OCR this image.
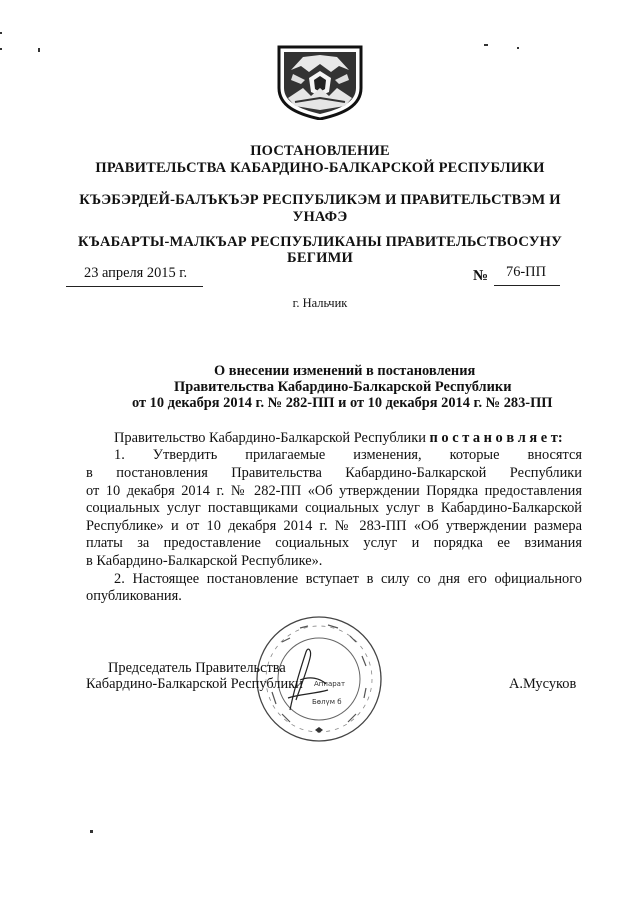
ПОСТАНОВЛЕНИЕ
ПРАВИТЕЛЬСТВА КАБАРДИНО-БАЛКАРСКОЙ РЕСПУБЛИКИ
КЪЭБЭРДЕЙ-БАЛЪКЪЭР РЕСПУБЛИКЭМ И ПРАВИТЕЛЬСТВЭМ И
УНАФЭ
КЪАБАРТЫ-МАЛКЪАР РЕСПУБЛИКАНЫ ПРАВИТЕЛЬСТВОСУНУ
БЕГИМИ
23 апреля 2015 г.	№ 76-ПП
г. Нальчик
О внесении изменений в постановления
Правительства Кабардино-Балкарской Республики
от 10 декабря 2014 г. № 282-ПП и от 10 декабря 2014 г. № 283-ПП
Правительство Кабардино-Балкарской Республики п о с т а н о в л я е т:
1. Утвердить прилагаемые изменения, которые вносятся
в постановления Правительства Кабардино-Балкарской Республики
от 10 декабря 2014 г. № 282-ПП «Об утверждении Порядка предоставления
социальных услуг поставщиками социальных услуг в Кабардино-Балкарской
Республике» и от 10 декабря 2014 г. № 283-ПП «Об утверждении размера
платы за предоставление социальных услуг и порядка ее взимания
в Кабардино-Балкарской Республике».
2. Настоящее постановление вступает в силу со дня его официального
опубликования.
Аппарат
Бөлүм б
Председатель Правительства
Кабардино-Балкарской Республики	А.Мусуков
